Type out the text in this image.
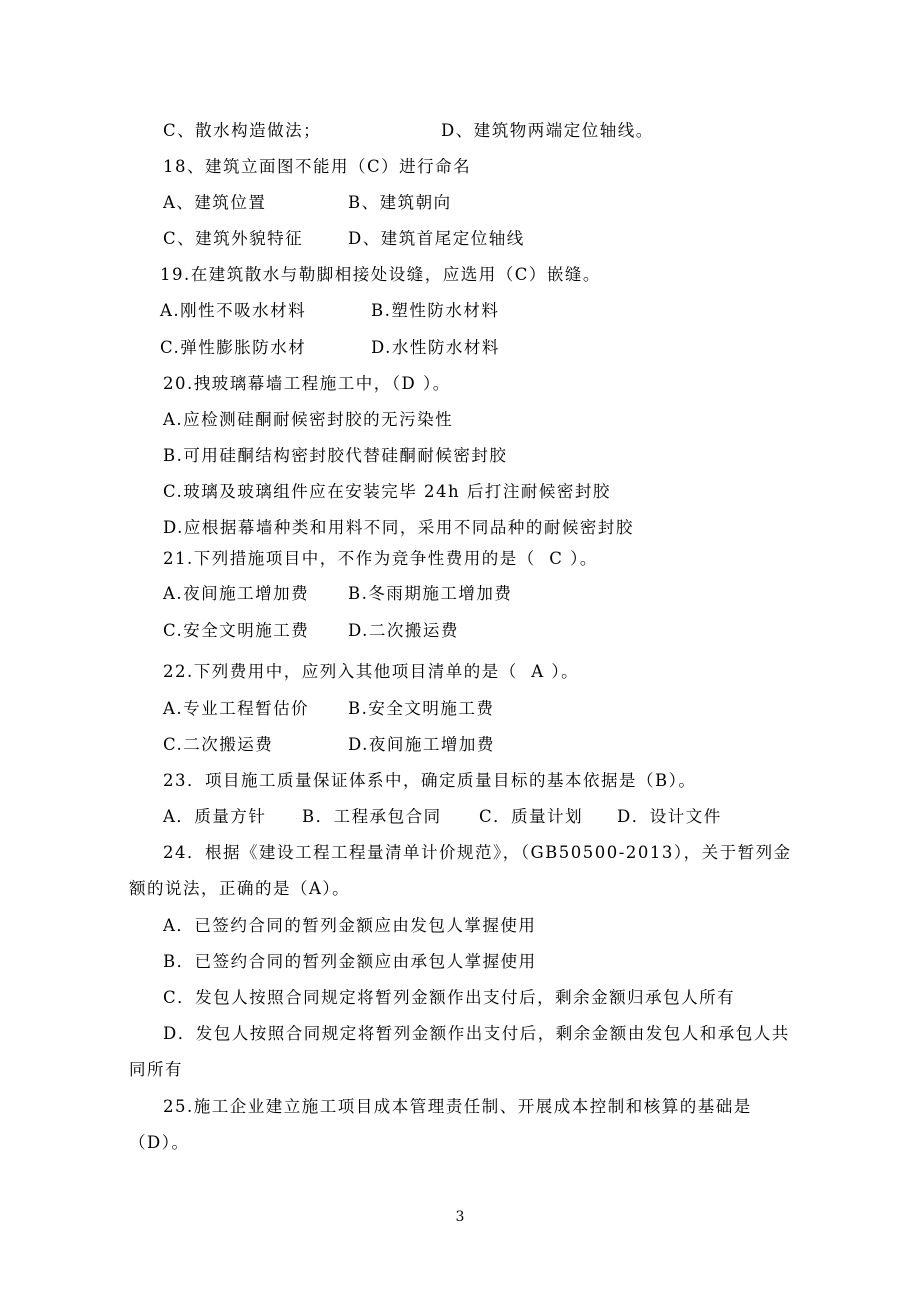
C、散水构造做法；	D、建筑物两端定位轴线。
18、建筑立面图不能用（C）进行命名
A、建筑位置	B、建筑朝向
C、建筑外貌特征	D、建筑首尾定位轴线
19.在建筑散水与勒脚相接处设缝，应选用（C）嵌缝。
A.刚性不吸水材料	B.塑性防水材料
C.弹性膨胀防水材	D.水性防水材料
20.拽玻璃幕墙工程施工中，（D ）。
A.应检测硅酮耐候密封胶的无污染性
B.可用硅酮结构密封胶代替硅酮耐候密封胶
C.玻璃及玻璃组件应在安装完毕 24h 后打注耐候密封胶
D.应根据幕墙种类和用料不同，采用不同品种的耐候密封胶
21.下列措施项目中，不作为竞争性费用的是（  C ）。
A.夜间施工增加费 B.冬雨期施工增加费
C.安全文明施工费 D.二次搬运费
22.下列费用中，应列入其他项目清单的是（  A ）。
A.专业工程暂估价 B.安全文明施工费
C.二次搬运费	D.夜间施工增加费
23．项目施工质量保证体系中，确定质量目标的基本依据是（B）。
A．质量方针 B．工程承包合同 C．质量计划 D．设计文件
24．根据《建设工程工程量清单计价规范》，（GB50500-2013），关于暂列金
额的说法，正确的是（A）。
A．已签约合同的暂列金额应由发包人掌握使用
B．已签约合同的暂列金额应由承包人掌握使用
C．发包人按照合同规定将暂列金额作出支付后，剩余金额归承包人所有
D．发包人按照合同规定将暂列金额作出支付后，剩余金额由发包人和承包人共
同所有
25.施工企业建立施工项目成本管理责任制、开展成本控制和核算的基础是
（D）。
3
